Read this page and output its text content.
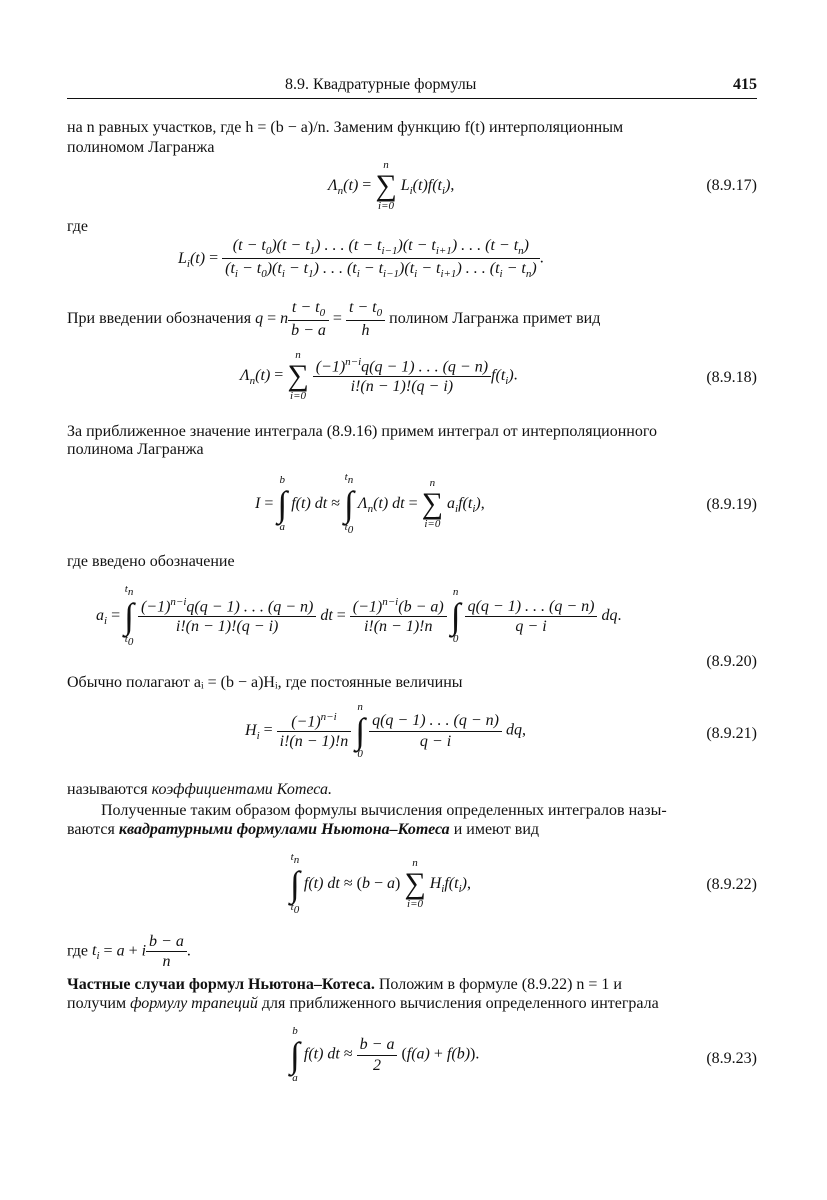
8.9. Квадратурные формулы	415
на n равных участков, где h = (b − a)/n. Заменим функцию f(t) интерполяционным
полиномом Лагранжа
$\Lambda_n(t)$ =
n
∑
i=0
$L_i(t)f(t_i)$,	(8.9.17)
где
$L_i(t)$ =
$(t - t_0)(t - t_1)$ . . . $(t - t_{i-1})(t - t_{i+1})$ . . . $(t - t_n)$
$(t_i - t_0)(t_i - t_1)$ . . . $(t_i - t_{i-1})(t_i - t_{i+1})$ . . . $(t_i - t_n)$
.
При введении обозначения q = n $\frac{t - t_0}{b - a} = \frac{t - t_0}{h}$ полином Лагранжа примет вид
$\Lambda_n(t)$ =
n
∑
i=0
$\frac{(-1)^{n-i}q(q - 1) . . . (q - n)}{i!(n - 1)!(q - i)} f(t_i)$.	(8.9.18)
За приближенное значение интеграла (8.9.16) примем интеграл от интерполяционного
полинома Лагранжа
I =
b
∫
a
f(t) dt ≈
$t_n$
∫
$t_0$
$\Lambda_n(t)$ dt =
n
∑
i=0
$a_if(t_i)$,	(8.9.19)
где введено обозначение
$a_i$ =
$t_n$
∫
$t_0$

$\frac{(-1)^{n-i}q(q - 1) . . . (q - n)}{i!(n - 1)!(q - i)}$ dt = $\frac{(-1)^{n-i}(b - a)}{i!(n - 1)!n}$

n
∫
0

$\frac{q(q - 1) . . . (q - n)}{q - i}$ dq.
(8.9.20)
Обычно полагают aᵢ = (b − a)Hᵢ, где постоянные величины
$H_i = \frac{(-1)^{n-i}}{i!(n - 1)!n}$

n
∫
0

$\frac{q(q - 1) . . . (q - n)}{q - i}$ dq,	(8.9.21)
называются коэффициентами Котеса.
Полученные таким образом формулы вычисления определенных интегралов назы-
ваются квадратурными формулами Ньютона–Котеса и имеют вид
$t_n$
∫
$t_0$
f(t) dt ≈ (b − a)
n
∑
i=0
$H_if(t_i)$,	(8.9.22)
где $t_i = a + i \frac{b - a}{n}$ .
Частные случаи формул Ньютона–Котеса. Положим в формуле (8.9.22) n = 1 и
получим формулу трапеций для приближенного вычисления определенного интеграла
b
∫
a
f(t) dt ≈ $\frac{b - a}{2} (f(a) + f(b))$.	(8.9.23)
